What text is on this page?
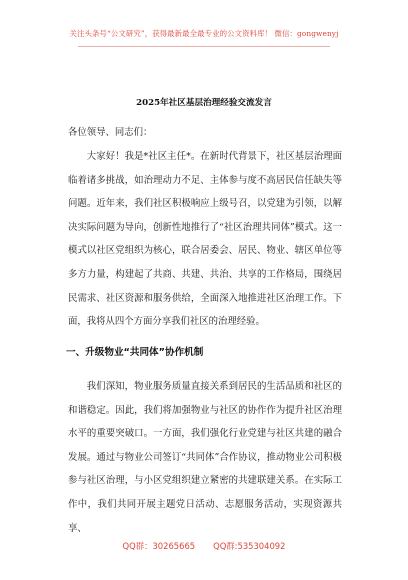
关注头条号“公文研究”，获得最新最全最专业的公文资料库！ 微信：gongwenyj
2025年社区基层治理经验交流发言
各位领导、同志们：

大家好！我是*社区主任*。在新时代背景下，社区基层治理面临着诸多挑战，如治理动力不足、主体参与度不高居民信任缺失等问题。近年来，我们社区积极响应上级号召，以党建为引领，以解决实际问题为导向，创新性地推行了“社区治理共同体”模式。这一模式以社区党组织为核心，联合居委会、居民、物业、辖区单位等多方力量，构建起了共商、共建、共治、共享的工作格局，围绕居民需求、社区资源和服务供给，全面深入地推进社区治理工作。下面，我将从四个方面分享我们社区的治理经验。

一、升级物业“共同体”协作机制

我们深知，物业服务质量直接关系到居民的生活品质和社区的和谐稳定。因此，我们将加强物业与社区的协作作为提升社区治理水平的重要突破口。一方面，我们强化行业党建与社区共建的融合发展。通过与物业公司签订“共同体”合作协议，推动物业公司积极参与社区治理，与小区党组织建立紧密的共建联建关系。在实际工作中，我们共同开展主题党日活动、志愿服务活动，实现资源共享、

QQ群：30265665 QQ群:535304092
